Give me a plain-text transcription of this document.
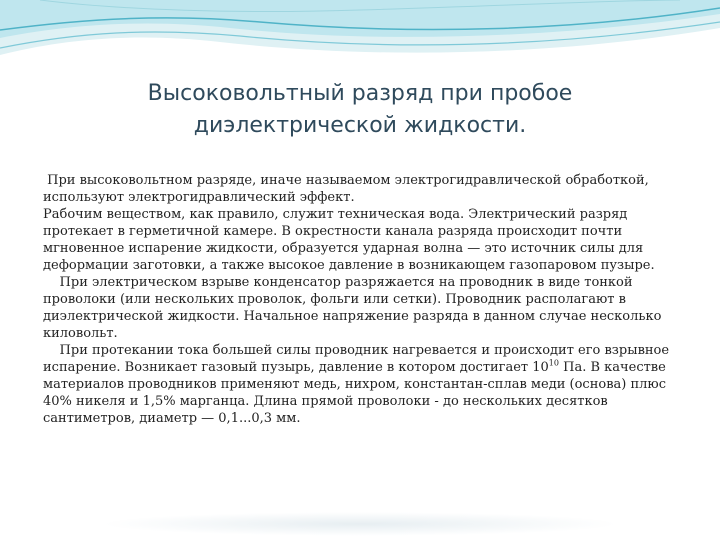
Высоковольтный разряд при пробое
диэлектрической жидкости.

При высоковольтном разряде, иначе называемом электрогидравлической обработкой, используют электрогидравлический эффект.

Рабочим веществом, как правило, служит техническая вода. Электрический разряд протекает в герметичной камере. В окрестности канала разряда происходит почти мгновенное испарение жидкости, образуется ударная волна — это источник силы для деформации заготовки, а также высокое давление в возникающем газопаровом пузыре.

При электрическом взрыве конденсатор разряжается на проводник в виде тонкой проволоки (или нескольких проволок, фольги или сетки). Проводник располагают в диэлектрической жидкости. Начальное напряжение разряда в данном случае несколько киловольт.

При протекании тока большей силы проводник нагревается и происходит его взрывное испарение. Возникает газовый пузырь, давление в котором достигает $10^{10}$ Па. В качестве материалов проводников применяют медь, нихром, константан-сплав меди (основа) плюс 40% никеля и 1,5% марганца. Длина прямой проволоки - до нескольких десятков сантиметров, диаметр — 0,1...0,3 мм.
